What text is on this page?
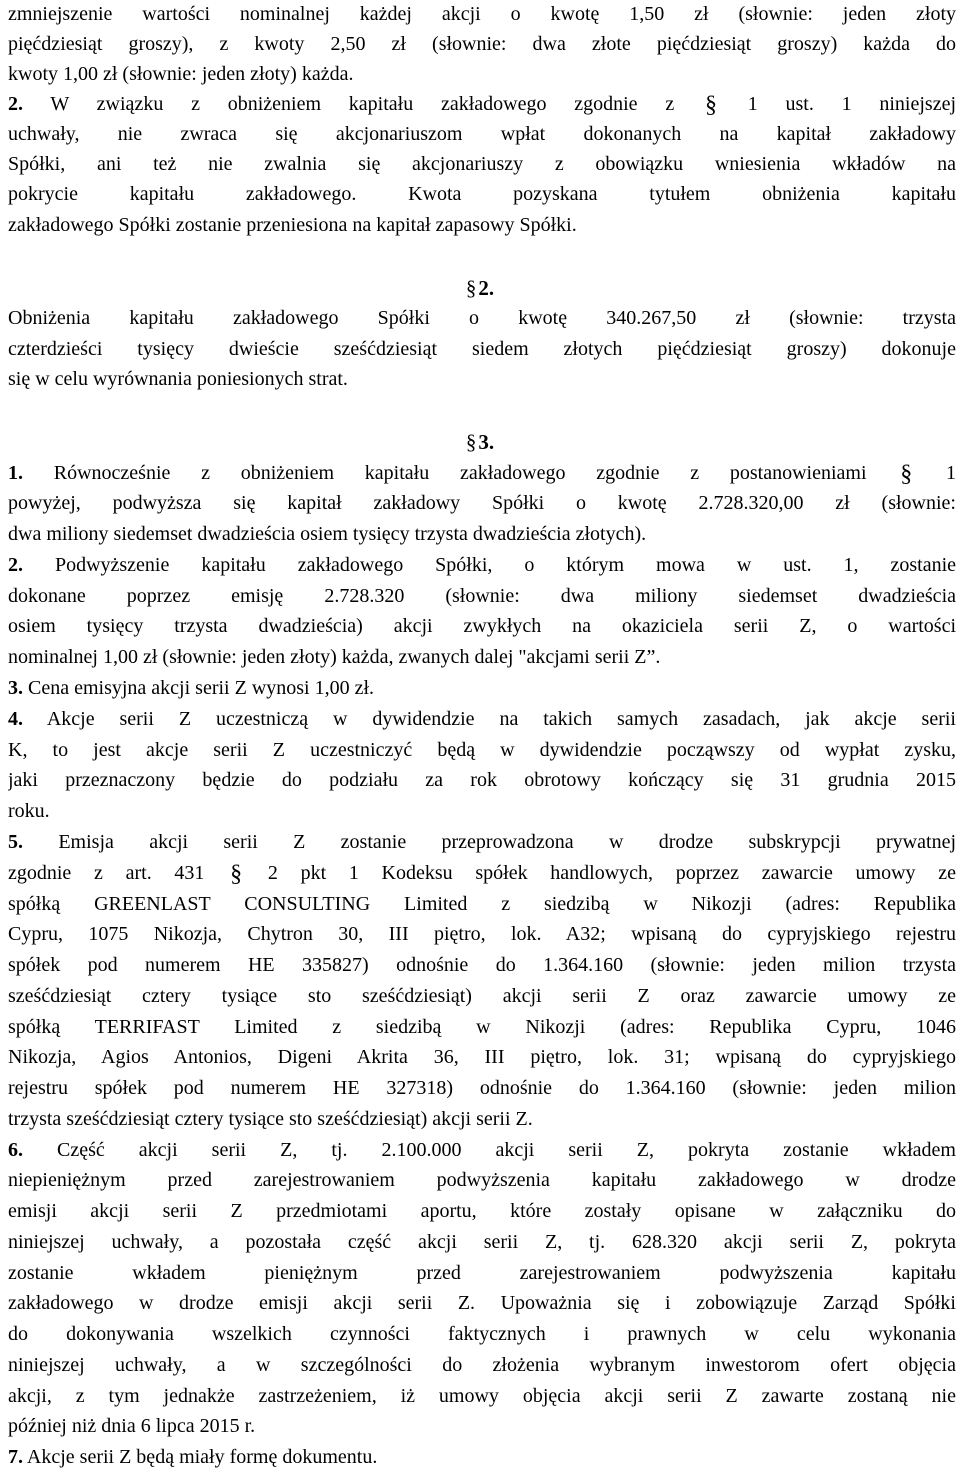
zmniejszenie wartości nominalnej każdej akcji o kwotę 1,50 zł (słownie: jeden złoty
pięćdziesiąt groszy), z kwoty 2,50 zł (słownie: dwa złote pięćdziesiąt groszy) każda do
kwoty 1,00 zł (słownie: jeden złoty) każda.
2. W związku z obniżeniem kapitału zakładowego zgodnie z § 1 ust. 1 niniejszej
uchwały, nie zwraca się akcjonariuszom wpłat dokonanych na kapitał zakładowy
Spółki, ani też nie zwalnia się akcjonariuszy z obowiązku wniesienia wkładów na
pokrycie kapitału zakładowego. Kwota pozyskana tytułem obniżenia kapitału
zakładowego Spółki zostanie przeniesiona na kapitał zapasowy Spółki.
§2.
Obniżenia kapitału zakładowego Spółki o kwotę 340.267,50 zł (słownie: trzysta
czterdzieści tysięcy dwieście sześćdziesiąt siedem złotych pięćdziesiąt groszy) dokonuje
się w celu wyrównania poniesionych strat.
§3.
1. Równocześnie z obniżeniem kapitału zakładowego zgodnie z postanowieniami § 1
powyżej, podwyższa się kapitał zakładowy Spółki o kwotę 2.728.320,00 zł (słownie:
dwa miliony siedemset dwadzieścia osiem tysięcy trzysta dwadzieścia złotych).
2. Podwyższenie kapitału zakładowego Spółki, o którym mowa w ust. 1, zostanie
dokonane poprzez emisję 2.728.320 (słownie: dwa miliony siedemset dwadzieścia
osiem tysięcy trzysta dwadzieścia) akcji zwykłych na okaziciela serii Z, o wartości
nominalnej 1,00 zł (słownie: jeden złoty) każda, zwanych dalej "akcjami serii Z”.
3. Cena emisyjna akcji serii Z wynosi 1,00 zł.
4. Akcje serii Z uczestniczą w dywidendzie na takich samych zasadach, jak akcje serii
K, to jest akcje serii Z uczestniczyć będą w dywidendzie począwszy od wypłat zysku,
jaki przeznaczony będzie do podziału za rok obrotowy kończący się 31 grudnia 2015
roku.
5. Emisja akcji serii Z zostanie przeprowadzona w drodze subskrypcji prywatnej
zgodnie z art. 431 § 2 pkt 1 Kodeksu spółek handlowych, poprzez zawarcie umowy ze
spółką GREENLAST CONSULTING Limited z siedzibą w Nikozji (adres: Republika
Cypru, 1075 Nikozja, Chytron 30, III piętro, lok. A32; wpisaną do cypryjskiego rejestru
spółek pod numerem HE 335827) odnośnie do 1.364.160 (słownie: jeden milion trzysta
sześćdziesiąt cztery tysiące sto sześćdziesiąt) akcji serii Z oraz zawarcie umowy ze
spółką TERRIFAST Limited z siedzibą w Nikozji (adres: Republika Cypru, 1046
Nikozja, Agios Antonios, Digeni Akrita 36, III piętro, lok. 31; wpisaną do cypryjskiego
rejestru spółek pod numerem HE 327318) odnośnie do 1.364.160 (słownie: jeden milion
trzysta sześćdziesiąt cztery tysiące sto sześćdziesiąt) akcji serii Z.
6. Część akcji serii Z, tj. 2.100.000 akcji serii Z, pokryta zostanie wkładem
niepieniężnym przed zarejestrowaniem podwyższenia kapitału zakładowego w drodze
emisji akcji serii Z przedmiotami aportu, które zostały opisane w załączniku do
niniejszej uchwały, a pozostała część akcji serii Z, tj. 628.320 akcji serii Z, pokryta
zostanie wkładem pieniężnym przed zarejestrowaniem podwyższenia kapitału
zakładowego w drodze emisji akcji serii Z. Upoważnia się i zobowiązuje Zarząd Spółki
do dokonywania wszelkich czynności faktycznych i prawnych w celu wykonania
niniejszej uchwały, a w szczególności do złożenia wybranym inwestorom ofert objęcia
akcji, z tym jednakże zastrzeżeniem, iż umowy objęcia akcji serii Z zawarte zostaną nie
później niż dnia 6 lipca 2015 r.
7. Akcje serii Z będą miały formę dokumentu.
